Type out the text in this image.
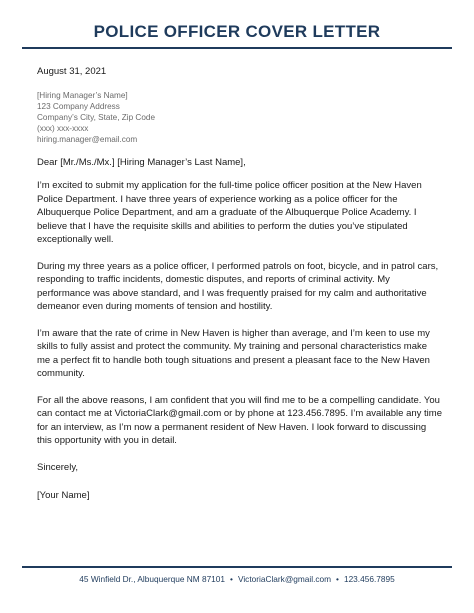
POLICE OFFICER COVER LETTER
August 31, 2021
[Hiring Manager’s Name]
123 Company Address
Company’s City, State, Zip Code
(xxx) xxx-xxxx
hiring.manager@email.com
Dear [Mr./Ms./Mx.] [Hiring Manager’s Last Name],

I’m excited to submit my application for the full-time police officer position at the New Haven Police Department. I have three years of experience working as a police officer for the Albuquerque Police Department, and am a graduate of the Albuquerque Police Academy. I believe that I have the requisite skills and abilities to perform the duties you’ve stipulated exceptionally well.

During my three years as a police officer, I performed patrols on foot, bicycle, and in patrol cars, responding to traffic incidents, domestic disputes, and reports of criminal activity. My performance was above standard, and I was frequently praised for my calm and authoritative demeanor even during moments of tension and hostility.

I’m aware that the rate of crime in New Haven is higher than average, and I’m keen to use my skills to fully assist and protect the community. My training and personal characteristics make me a perfect fit to handle both tough situations and present a pleasant face to the New Haven community.

For all the above reasons, I am confident that you will find me to be a compelling candidate. You can contact me at VictoriaClark@gmail.com or by phone at 123.456.7895. I’m available any time for an interview, as I’m now a permanent resident of New Haven. I look forward to discussing this opportunity with you in detail.

Sincerely,
[Your Name]
45 Winfield Dr., Albuquerque NM 87101 • VictoriaClark@gmail.com • 123.456.7895
